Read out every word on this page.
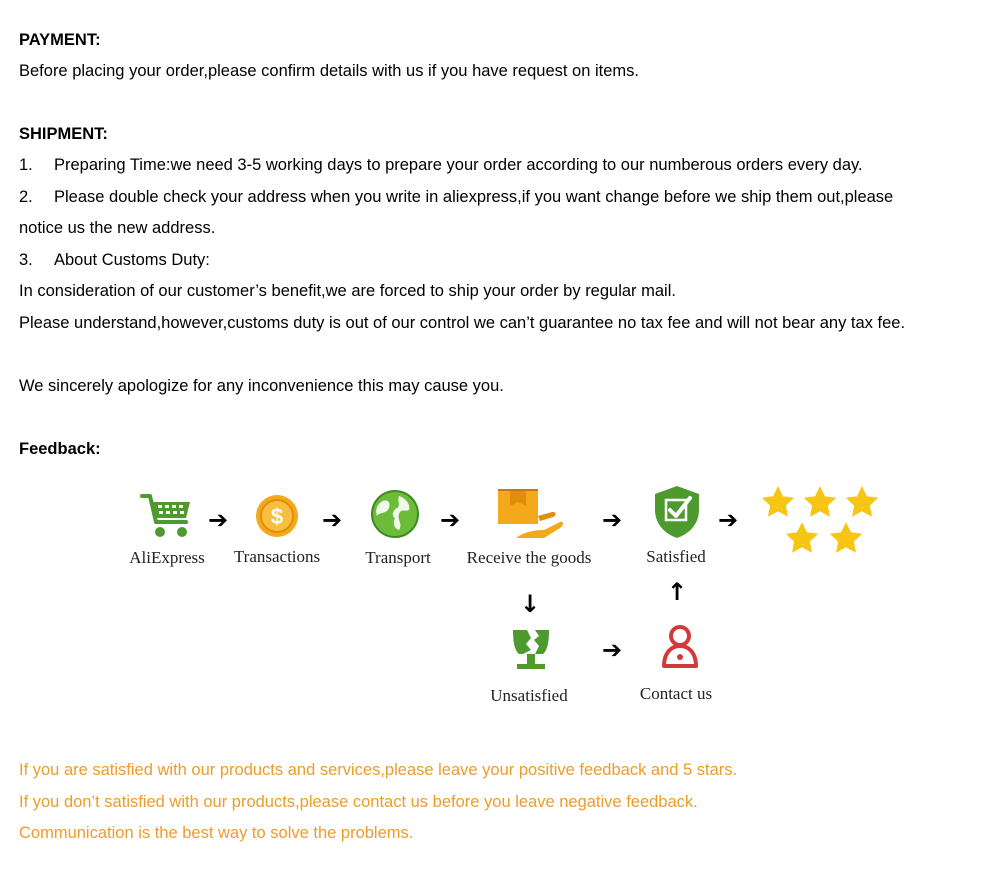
PAYMENT:
Before placing your order,please confirm details with us if you have request on items.
SHIPMENT:
1. Preparing Time:we need 3-5 working days to prepare your order according to our numberous orders every day.
2. Please double check your address when you write in aliexpress,if you want change before we ship them out,please
notice us the new address.
3. About Customs Duty:
In consideration of our customer’s benefit,we are forced to ship your order by regular mail.
Please understand,however,customs duty is out of our control we can’t guarantee no tax fee and will not bear any tax fee.
We sincerely apologize for any inconvenience this may cause you.
Feedback:
AliExpress
➔ $
Transactions
➔
Transport
➔
Receive the goods
➔
Satisfied
➔
↓	↑
Unsatisfied
➔
Contact us
If you are satisfied with our products and services,please leave your positive feedback and 5 stars.
If you don’t satisfied with our products,please contact us before you leave negative feedback.
Communication is the best way to solve the problems.
